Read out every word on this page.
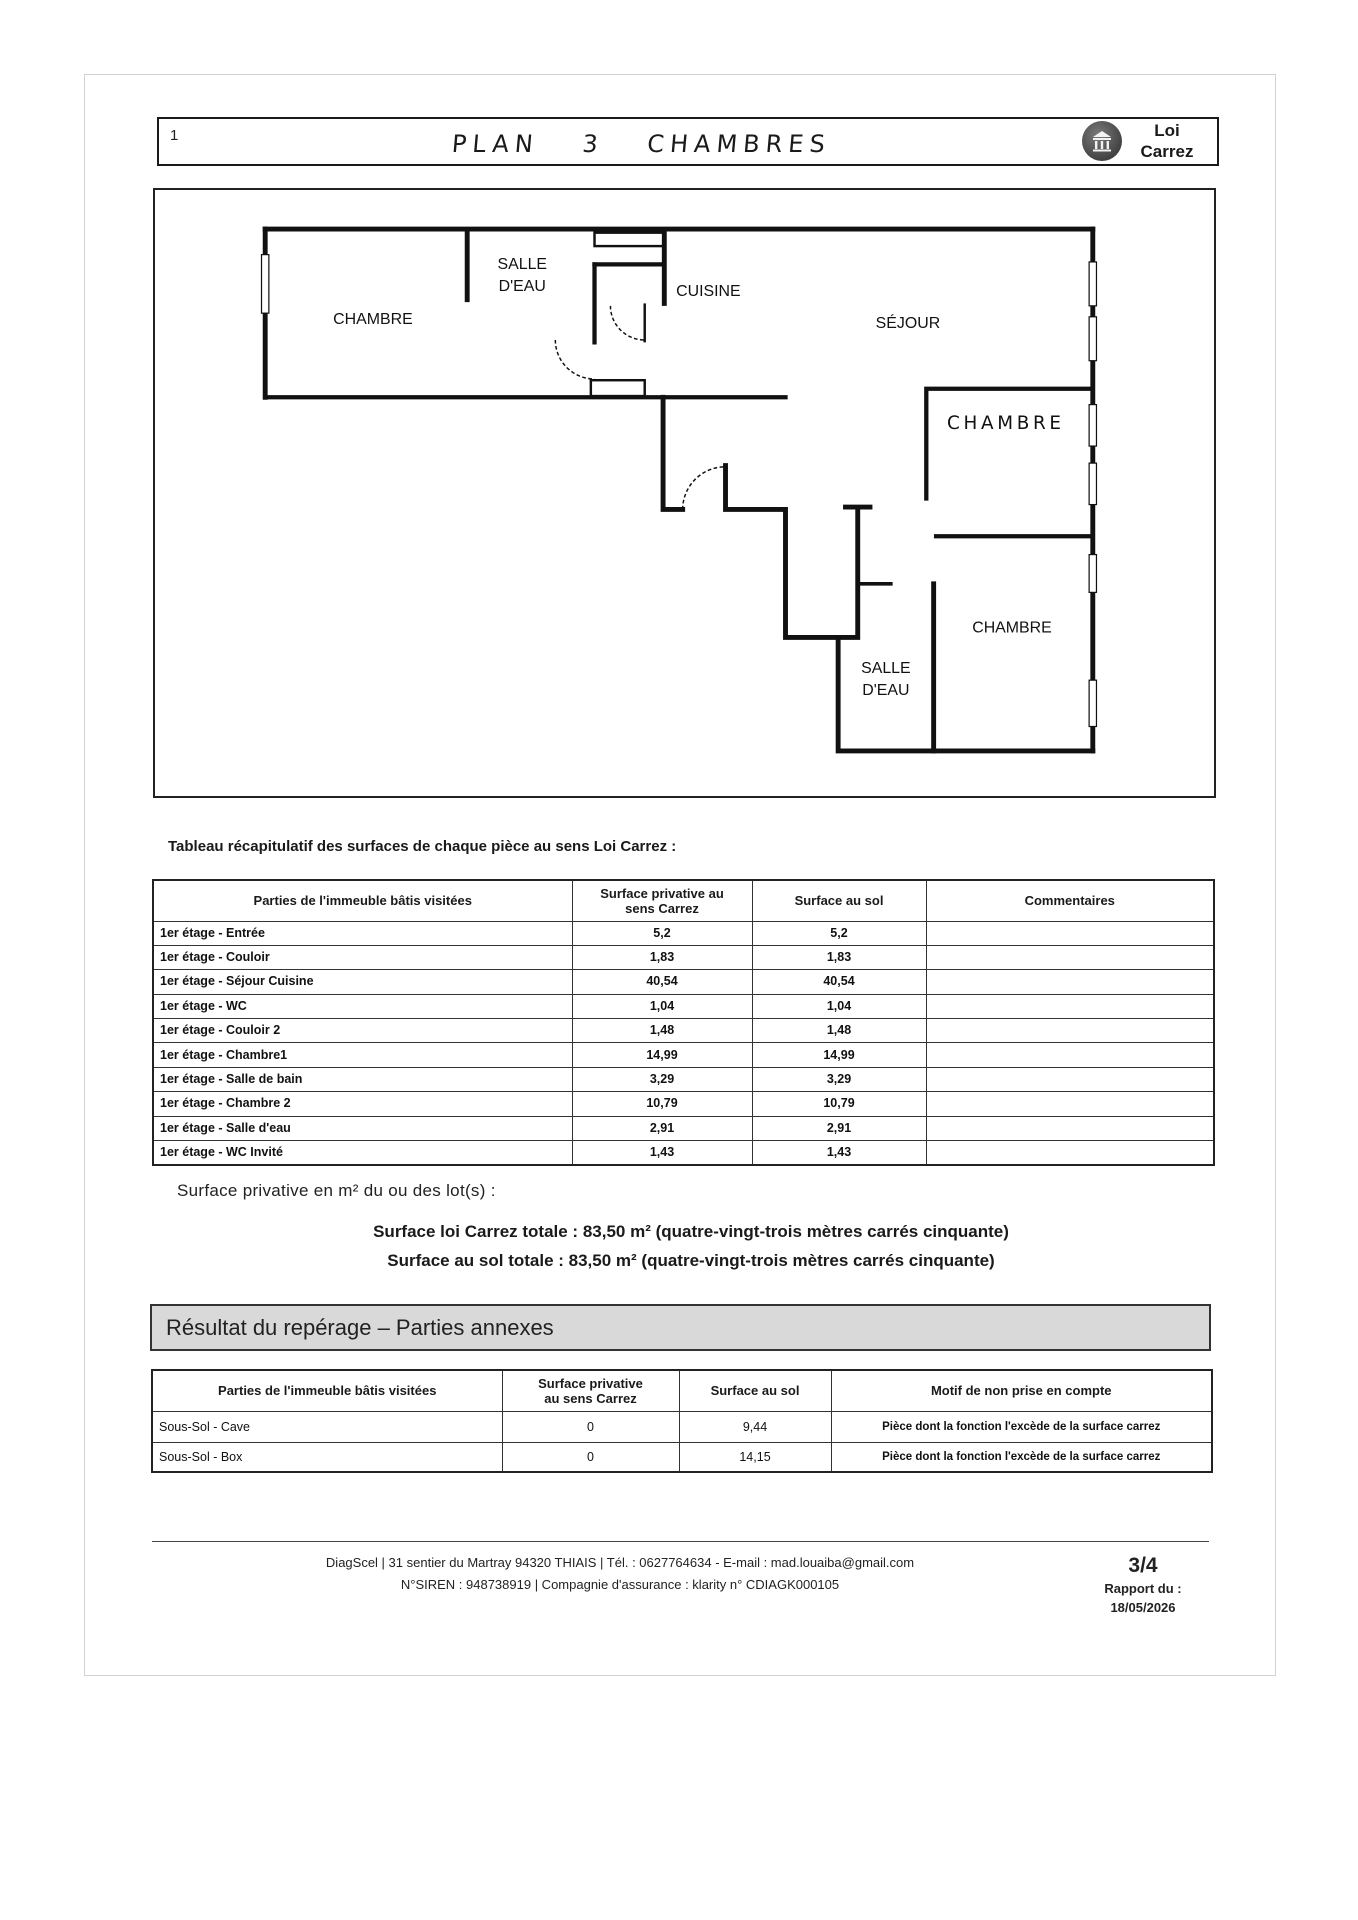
1	PLAN 3 CHAMBRES	Loi
Carrez
CHAMBRE
SALLE
D'EAU	CUISINE
SÉJOUR
CHAMBRE
CHAMBRE
SALLE
D'EAU
Tableau récapitulatif des surfaces de chaque pièce au sens Loi Carrez :
Parties de l'immeuble bâtis visitées	Surface privative au sens Carrez	Surface au sol	Commentaires
1er étage - Entrée	5,2	5,2	
1er étage - Couloir	1,83	1,83	
1er étage - Séjour Cuisine	40,54	40,54	
1er étage - WC	1,04	1,04	
1er étage - Couloir 2	1,48	1,48	
1er étage - Chambre1	14,99	14,99	
1er étage - Salle de bain	3,29	3,29	
1er étage - Chambre 2	10,79	10,79	
1er étage - Salle d'eau	2,91	2,91	
1er étage - WC Invité	1,43	1,43	
Surface privative en m² du ou des lot(s) :
Surface loi Carrez totale : 83,50 m² (quatre-vingt-trois mètres carrés cinquante)
Surface au sol totale : 83,50 m² (quatre-vingt-trois mètres carrés cinquante)
Résultat du repérage – Parties annexes
Parties de l'immeuble bâtis visitées	Surface privative au sens Carrez	Surface au sol	Motif de non prise en compte
Sous-Sol - Cave	0	9,44	Pièce dont la fonction l'excède de la surface carrez
Sous-Sol - Box	0	14,15	Pièce dont la fonction l'excède de la surface carrez
DiagScel | 31 sentier du Martray 94320 THIAIS | Tél. : 0627764634 - E-mail : mad.louaiba@gmail.com
N°SIREN : 948738919 | Compagnie d'assurance : klarity n° CDIAGK000105
3/4
Rapport du :
18/05/2026
